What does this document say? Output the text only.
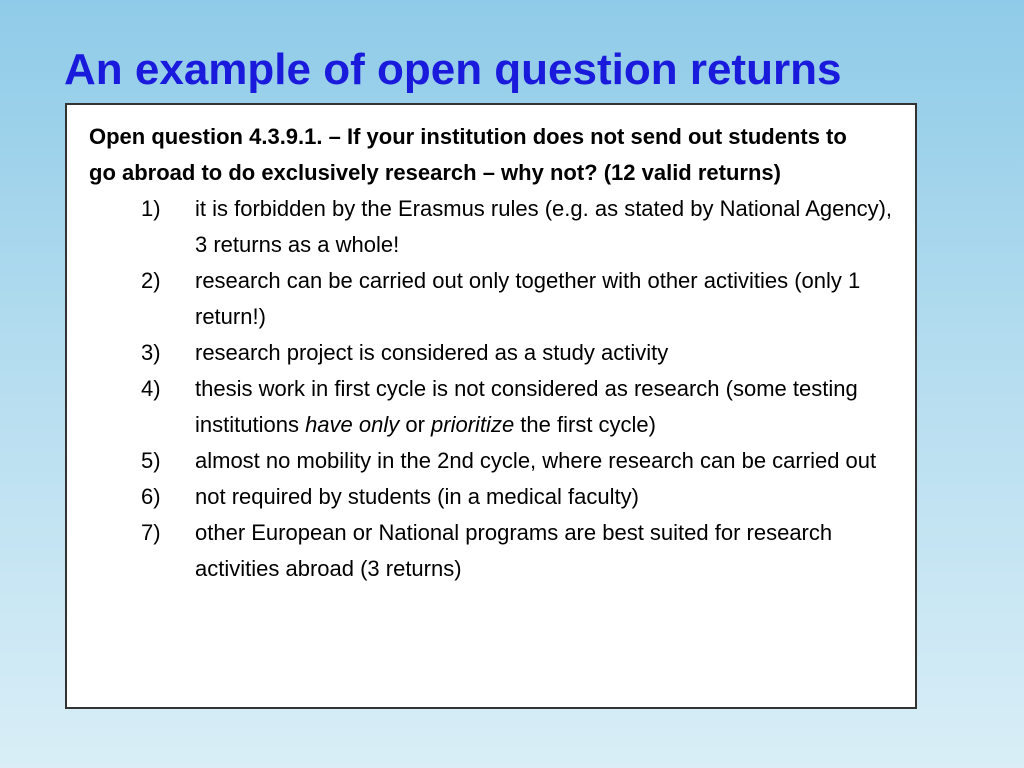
An example of open question returns

Open question 4.3.9.1. – If your institution does not send out students to go abroad to do exclusively research – why not? (12 valid returns)

1) it is forbidden by the Erasmus rules (e.g. as stated by National Agency), 3 returns as a whole!
2) research can be carried out only together with other activities (only 1 return!)
3) research project is considered as a study activity
4) thesis work in first cycle is not considered as research (some testing institutions have only or prioritize the first cycle)
5) almost no mobility in the 2nd cycle, where research can be carried out
6) not required by students (in a medical faculty)
7) other European or National programs are best suited for research activities abroad (3 returns)
